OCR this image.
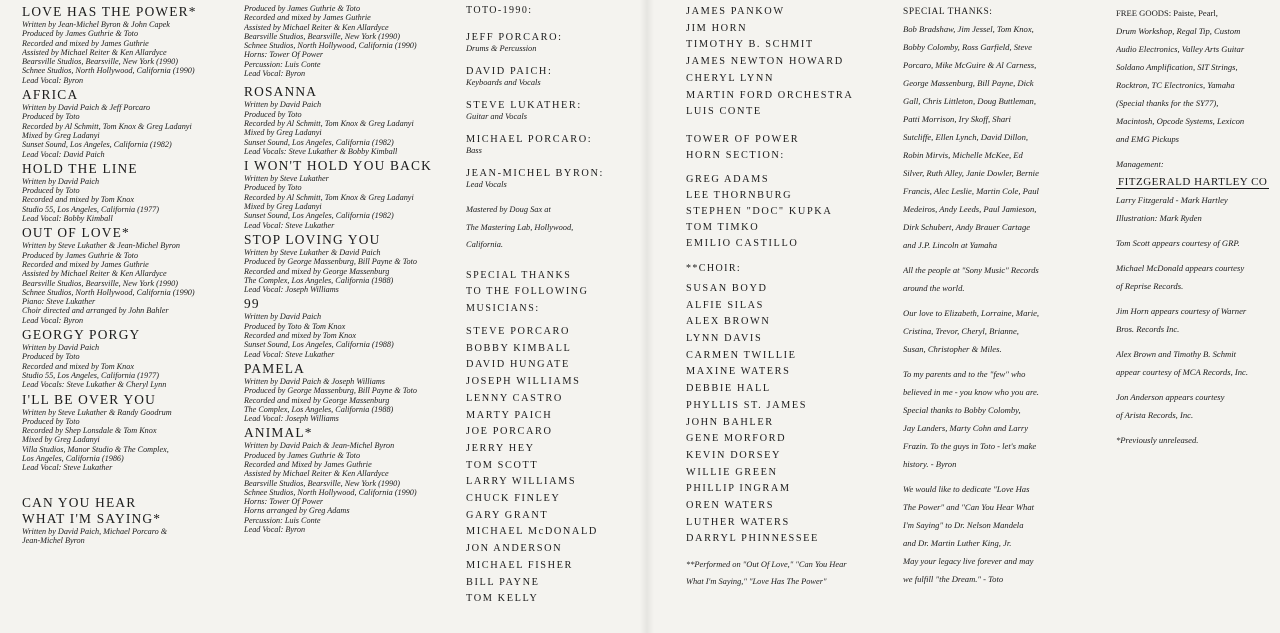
LOVE HAS THE POWER*
Written by Jean-Michel Byron & John Capek
Produced by James Guthrie & Toto
Recorded and mixed by James Guthrie
Assisted by Michael Reiter & Ken Allardyce
Bearsville Studios, Bearsville, New York (1990)
Schnee Studios, North Hollywood, California (1990)
Lead Vocal: Byron
AFRICA
Written by David Paich & Jeff Porcaro
Produced by Toto
Recorded by Al Schmitt, Tom Knox & Greg Ladanyi
Mixed by Greg Ladanyi
Sunset Sound, Los Angeles, California (1982)
Lead Vocal: David Paich
HOLD THE LINE
Written by David Paich
Produced by Toto
Recorded and mixed by Tom Knox
Studio 55, Los Angeles, California (1977)
Lead Vocal: Bobby Kimball
OUT OF LOVE*
Written by Steve Lukather & Jean-Michel Byron
Produced by James Guthrie & Toto
Recorded and mixed by James Guthrie
Assisted by Michael Reiter & Ken Allardyce
Bearsville Studios, Bearsville, New York (1990)
Schnee Studios, North Hollywood, California (1990)
Piano: Steve Lukather
Choir directed and arranged by John Bahler
Lead Vocal: Byron
GEORGY PORGY
Written by David Paich
Produced by Toto
Recorded and mixed by Tom Knox
Studio 55, Los Angeles, California (1977)
Lead Vocals: Steve Lukather & Cheryl Lynn
I'LL BE OVER YOU
Written by Steve Lukather & Randy Goodrum
Produced by Toto
Recorded by Shep Lonsdale & Tom Knox
Mixed by Greg Ladanyi
Villa Studios, Manor Studio & The Complex,
Los Angeles, California (1986)
Lead Vocal: Steve Lukather
CAN YOU HEAR
WHAT I'M SAYING*
Written by David Paich, Michael Porcaro &
Jean-Michel Byron
Produced by James Guthrie & Toto
Recorded and mixed by James Guthrie
Assisted by Michael Reiter & Ken Allardyce
Bearsville Studios, Bearsville, New York (1990)
Schnee Studios, North Hollywood, California (1990)
Horns: Tower Of Power
Percussion: Luis Conte
Lead Vocal: Byron
ROSANNA
Written by David Paich
Produced by Toto
Recorded by Al Schmitt, Tom Knox & Greg Ladanyi
Mixed by Greg Ladanyi
Sunset Sound, Los Angeles, California (1982)
Lead Vocals: Steve Lukather & Bobby Kimball
I WON'T HOLD YOU BACK
Written by Steve Lukather
Produced by Toto
Recorded by Al Schmitt, Tom Knox & Greg Ladanyi
Mixed by Greg Ladanyi
Sunset Sound, Los Angeles, California (1982)
Lead Vocal: Steve Lukather
STOP LOVING YOU
Written by Steve Lukather & David Paich
Produced by George Massenburg, Bill Payne & Toto
Recorded and mixed by George Massenburg
The Complex, Los Angeles, California (1988)
Lead Vocal: Joseph Williams
99
Written by David Paich
Produced by Toto & Tom Knox
Recorded and mixed by Tom Knox
Sunset Sound, Los Angeles, California (1988)
Lead Vocal: Steve Lukather
PAMELA
Written by David Paich & Joseph Williams
Produced by George Massenburg, Bill Payne & Toto
Recorded and mixed by George Massenburg
The Complex, Los Angeles, California (1988)
Lead Vocal: Joseph Williams
ANIMAL*
Written by David Paich & Jean-Michel Byron
Produced by James Guthrie & Toto
Recorded and Mixed by James Guthrie
Assisted by Michael Reiter & Ken Allardyce
Bearsville Studios, Bearsville, New York (1990)
Schnee Studios, North Hollywood, California (1990)
Horns: Tower Of Power
Horns arranged by Greg Adams
Percussion: Luis Conte
Lead Vocal: Byron
TOTO-1990:
JEFF PORCARO:
Drums & Percussion
DAVID PAICH:
Keyboards and Vocals
STEVE LUKATHER:
Guitar and Vocals
MICHAEL PORCARO:
Bass
JEAN-MICHEL BYRON:
Lead Vocals
Mastered by Doug Sax at
The Mastering Lab, Hollywood,
California.
SPECIAL THANKS
TO THE FOLLOWING
MUSICIANS:
STEVE PORCARO
BOBBY KIMBALL
DAVID HUNGATE
JOSEPH WILLIAMS
LENNY CASTRO
MARTY PAICH
JOE PORCARO
JERRY HEY
TOM SCOTT
LARRY WILLIAMS
CHUCK FINLEY
GARY GRANT
MICHAEL McDONALD
JON ANDERSON
MICHAEL FISHER
BILL PAYNE
TOM KELLY
JAMES PANKOW
JIM HORN
TIMOTHY B. SCHMIT
JAMES NEWTON HOWARD
CHERYL LYNN
MARTIN FORD ORCHESTRA
LUIS CONTE
TOWER OF POWER
HORN SECTION:
GREG ADAMS
LEE THORNBURG
STEPHEN "DOC" KUPKA
TOM TIMKO
EMILIO CASTILLO
**CHOIR:
SUSAN BOYD
ALFIE SILAS
ALEX BROWN
LYNN DAVIS
CARMEN TWILLIE
MAXINE WATERS
DEBBIE HALL
PHYLLIS ST. JAMES
JOHN BAHLER
GENE MORFORD
KEVIN DORSEY
WILLIE GREEN
PHILLIP INGRAM
OREN WATERS
LUTHER WATERS
DARRYL PHINNESSEE
**Performed on "Out Of Love," "Can You Hear
What I'm Saying," "Love Has The Power"
SPECIAL THANKS:
Bob Bradshaw, Jim Jessel, Tom Knox,
Bobby Colomby, Ross Garfield, Steve
Porcaro, Mike McGuire & Al Carness,
George Massenburg, Bill Payne, Dick
Gall, Chris Littleton, Doug Buttleman,
Patti Morrison, Iry Skoff, Shari
Sutcliffe, Ellen Lynch, David Dillon,
Robin Mirvis, Michelle McKee, Ed
Silver, Ruth Alley, Janie Dowler, Bernie
Francis, Alec Leslie, Martin Cole, Paul
Medeiros, Andy Leeds, Paul Jamieson,
Dirk Schubert, Andy Brauer Cartage
and J.P. Lincoln at Yamaha
All the people at "Sony Music" Records
around the world.
Our love to Elizabeth, Lorraine, Marie,
Cristina, Trevor, Cheryl, Brianne,
Susan, Christopher & Miles.
To my parents and to the "few" who
believed in me - you know who you are.
Special thanks to Bobby Colomby,
Jay Landers, Marty Cohn and Larry
Frazin. To the guys in Toto - let's make
history. - Byron
We would like to dedicate "Love Has
The Power" and "Can You Hear What
I'm Saying" to Dr. Nelson Mandela
and Dr. Martin Luther King, Jr.
May your legacy live forever and may
we fulfill "the Dream." - Toto
FREE GOODS: Paiste, Pearl,
Drum Workshop, Regal Tip, Custom
Audio Electronics, Valley Arts Guitar
Soldano Amplification, SIT Strings,
Rocktron, TC Electronics, Yamaha
(Special thanks for the SY77),
Macintosh, Opcode Systems, Lexicon
and EMG Pickups
Management: FITZGERALD HARTLEY CO
Larry Fitzgerald - Mark Hartley
Illustration: Mark Ryden
Tom Scott appears courtesy of GRP.
Michael McDonald appears courtesy
of Reprise Records.
Jim Horn appears courtesy of Warner
Bros. Records Inc.
Alex Brown and Timothy B. Schmit
appear courtesy of MCA Records, Inc.
Jon Anderson appears courtesy
of Arista Records, Inc.
*Previously unreleased.
